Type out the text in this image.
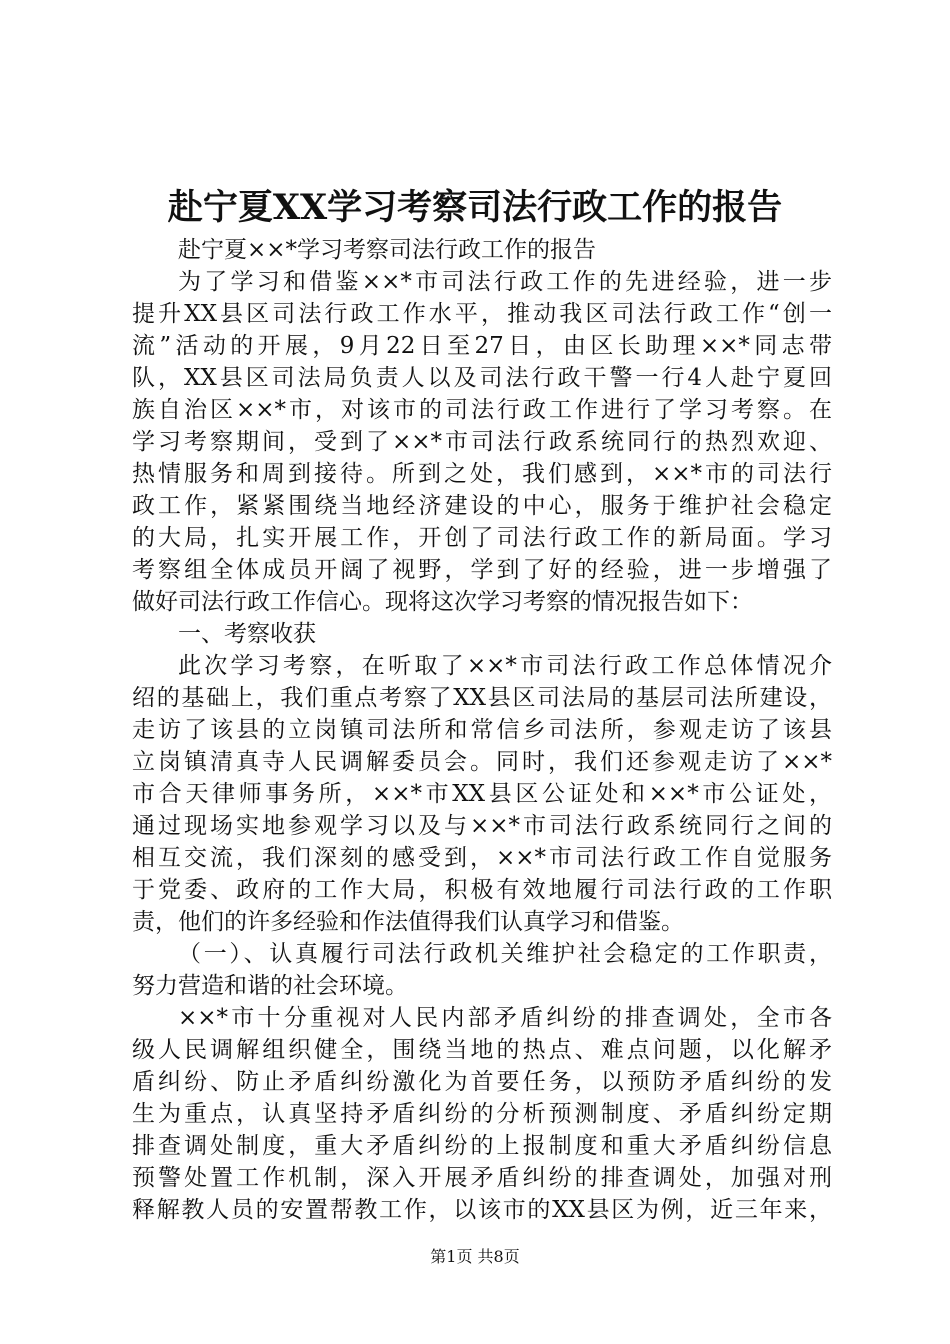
赴宁夏XX学习考察司法行政工作的报告
赴宁夏××*学习考察司法行政工作的报告
为了学习和借鉴××*市司法行政工作的先进经验，进一步
提升XX县区司法行政工作水平，推动我区司法行政工作“创一
流”活动的开展，9月22日至27日，由区长助理××*同志带
队，XX县区司法局负责人以及司法行政干警一行4人赴宁夏回
族自治区××*市，对该市的司法行政工作进行了学习考察。在
学习考察期间，受到了××*市司法行政系统同行的热烈欢迎、
热情服务和周到接待。所到之处，我们感到，××*市的司法行
政工作，紧紧围绕当地经济建设的中心，服务于维护社会稳定
的大局，扎实开展工作，开创了司法行政工作的新局面。学习
考察组全体成员开阔了视野，学到了好的经验，进一步增强了
做好司法行政工作信心。现将这次学习考察的情况报告如下：
一、考察收获
此次学习考察，在听取了××*市司法行政工作总体情况介
绍的基础上，我们重点考察了XX县区司法局的基层司法所建设，
走访了该县的立岗镇司法所和常信乡司法所，参观走访了该县
立岗镇清真寺人民调解委员会。同时，我们还参观走访了××*
市合天律师事务所，××*市XX县区公证处和××*市公证处，
通过现场实地参观学习以及与××*市司法行政系统同行之间的
相互交流，我们深刻的感受到，××*市司法行政工作自觉服务
于党委、政府的工作大局，积极有效地履行司法行政的工作职
责，他们的许多经验和作法值得我们认真学习和借鉴。
（一）、认真履行司法行政机关维护社会稳定的工作职责，
努力营造和谐的社会环境。
××*市十分重视对人民内部矛盾纠纷的排查调处，全市各
级人民调解组织健全，围绕当地的热点、难点问题，以化解矛
盾纠纷、防止矛盾纠纷激化为首要任务，以预防矛盾纠纷的发
生为重点，认真坚持矛盾纠纷的分析预测制度、矛盾纠纷定期
排查调处制度，重大矛盾纠纷的上报制度和重大矛盾纠纷信息
预警处置工作机制，深入开展矛盾纠纷的排查调处，加强对刑
释解教人员的安置帮教工作，以该市的XX县区为例，近三年来，
第1页 共8页
